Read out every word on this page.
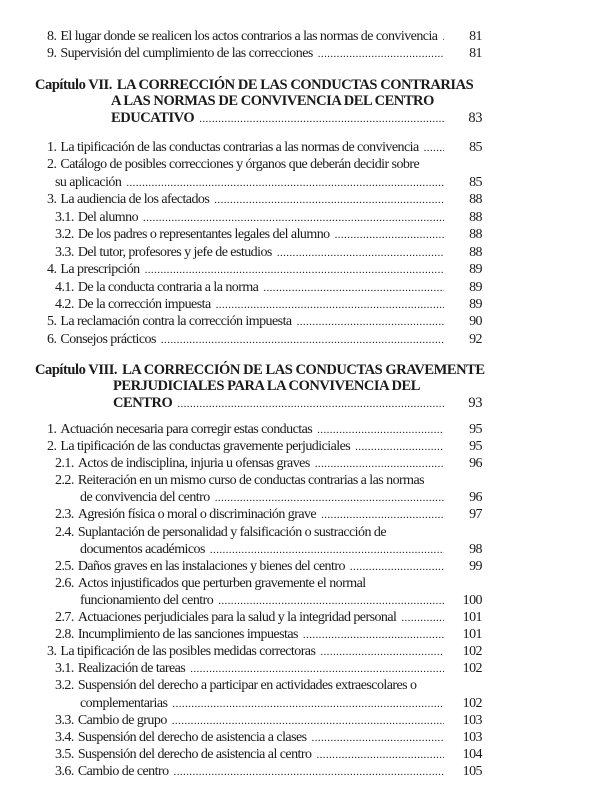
8. El lugar donde se realicen los actos contrarios a las normas de convivencia .....	81
9. Supervisión del cumplimiento de las correcciones .....	81
Capítulo VII. LA CORRECCIÓN DE LAS CONDUCTAS CONTRARIAS
A LAS NORMAS DE CONVIVENCIA DEL CENTRO
EDUCATIVO .....	83
1. La tipificación de las conductas contrarias a las normas de convivencia .....	85
2. Catálogo de posibles correcciones y órganos que deberán decidir sobre
su aplicación .....	85
3. La audiencia de los afectados .....	88
3.1. Del alumno .....	88
3.2. De los padres o representantes legales del alumno .....	88
3.3. Del tutor, profesores y jefe de estudios .....	88
4. La prescripción .....	89
4.1. De la conducta contraria a la norma .....	89
4.2. De la corrección impuesta .....	89
5. La reclamación contra la corrección impuesta .....	90
6. Consejos prácticos .....	92
Capítulo VIII. LA CORRECCIÓN DE LAS CONDUCTAS GRAVEMENTE
PERJUDICIALES PARA LA CONVIVENCIA DEL
CENTRO .....	93
1. Actuación necesaria para corregir estas conductas .....	95
2. La tipificación de las conductas gravemente perjudiciales .....	95
2.1. Actos de indisciplina, injuria u ofensas graves .....	96
2.2. Reiteración en un mismo curso de conductas contrarias a las normas
de convivencia del centro .....	96
2.3. Agresión física o moral o discriminación grave .....	97
2.4. Suplantación de personalidad y falsificación o sustracción de
documentos académicos .....	98
2.5. Daños graves en las instalaciones y bienes del centro .....	99
2.6. Actos injustificados que perturben gravemente el normal
funcionamiento del centro .....	100
2.7. Actuaciones perjudiciales para la salud y la integridad personal .....	101
2.8. Incumplimiento de las sanciones impuestas .....	101
3. La tipificación de las posibles medidas correctoras .....	102
3.1. Realización de tareas .....	102
3.2. Suspensión del derecho a participar en actividades extraescolares o
complementarias .....	102
3.3. Cambio de grupo .....	103
3.4. Suspensión del derecho de asistencia a clases .....	103
3.5. Suspensión del derecho de asistencia al centro .....	104
3.6. Cambio de centro .....	105
